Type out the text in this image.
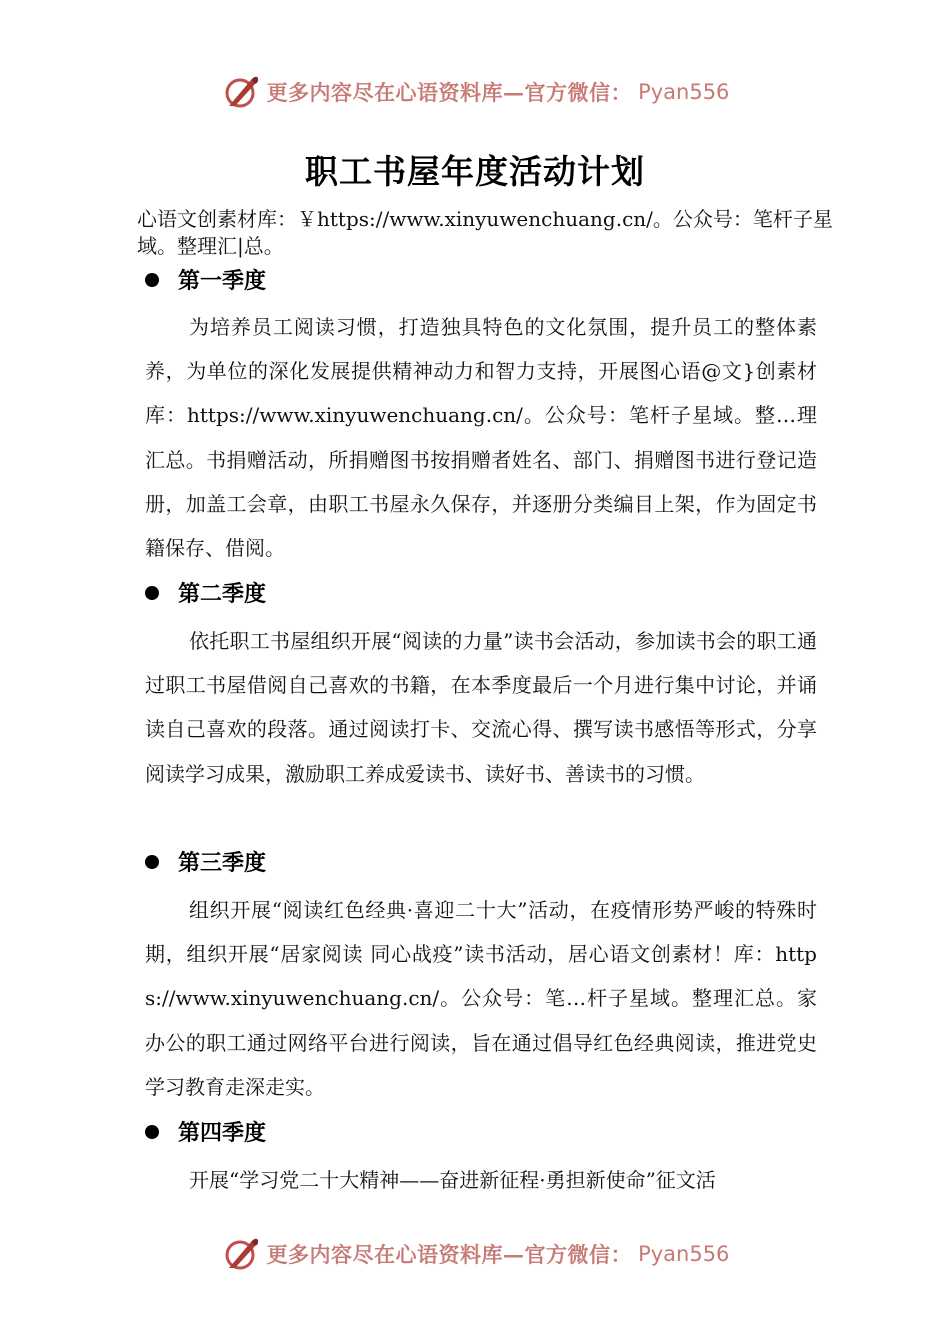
更多内容尽在心语资料库—官方微信： Pyan556
职工书屋年度活动计划
心语文创素材库：￥https://www.xinyuwenchuang.cn/。公众号：笔杆子星域。整理汇|总。
第一季度
为培养员工阅读习惯，打造独具特色的文化氛围，提升员工的整体素养，为单位的深化发展提供精神动力和智力支持，开展图心语@文}创素材库：https://www.xinyuwenchuang.cn/。公众号：笔杆子星域。整…理汇总。书捐赠活动，所捐赠图书按捐赠者姓名、部门、捐赠图书进行登记造册，加盖工会章，由职工书屋永久保存，并逐册分类编目上架，作为固定书籍保存、借阅。
第二季度
依托职工书屋组织开展“阅读的力量”读书会活动，参加读书会的职工通过职工书屋借阅自己喜欢的书籍，在本季度最后一个月进行集中讨论，并诵读自己喜欢的段落。通过阅读打卡、交流心得、撰写读书感悟等形式，分享阅读学习成果，激励职工养成爱读书、读好书、善读书的习惯。
第三季度
组织开展“阅读红色经典·喜迎二十大”活动，在疫情形势严峻的特殊时期，组织开展“居家阅读 同心战疫”读书活动，居心语文创素材！库：https://www.xinyuwenchuang.cn/。公众号：笔…杆子星域。整理汇总。家办公的职工通过网络平台进行阅读，旨在通过倡导红色经典阅读，推进党史学习教育走深走实。
第四季度
开展“学习党二十大精神——奋进新征程·勇担新使命”征文活
更多内容尽在心语资料库—官方微信： Pyan556
